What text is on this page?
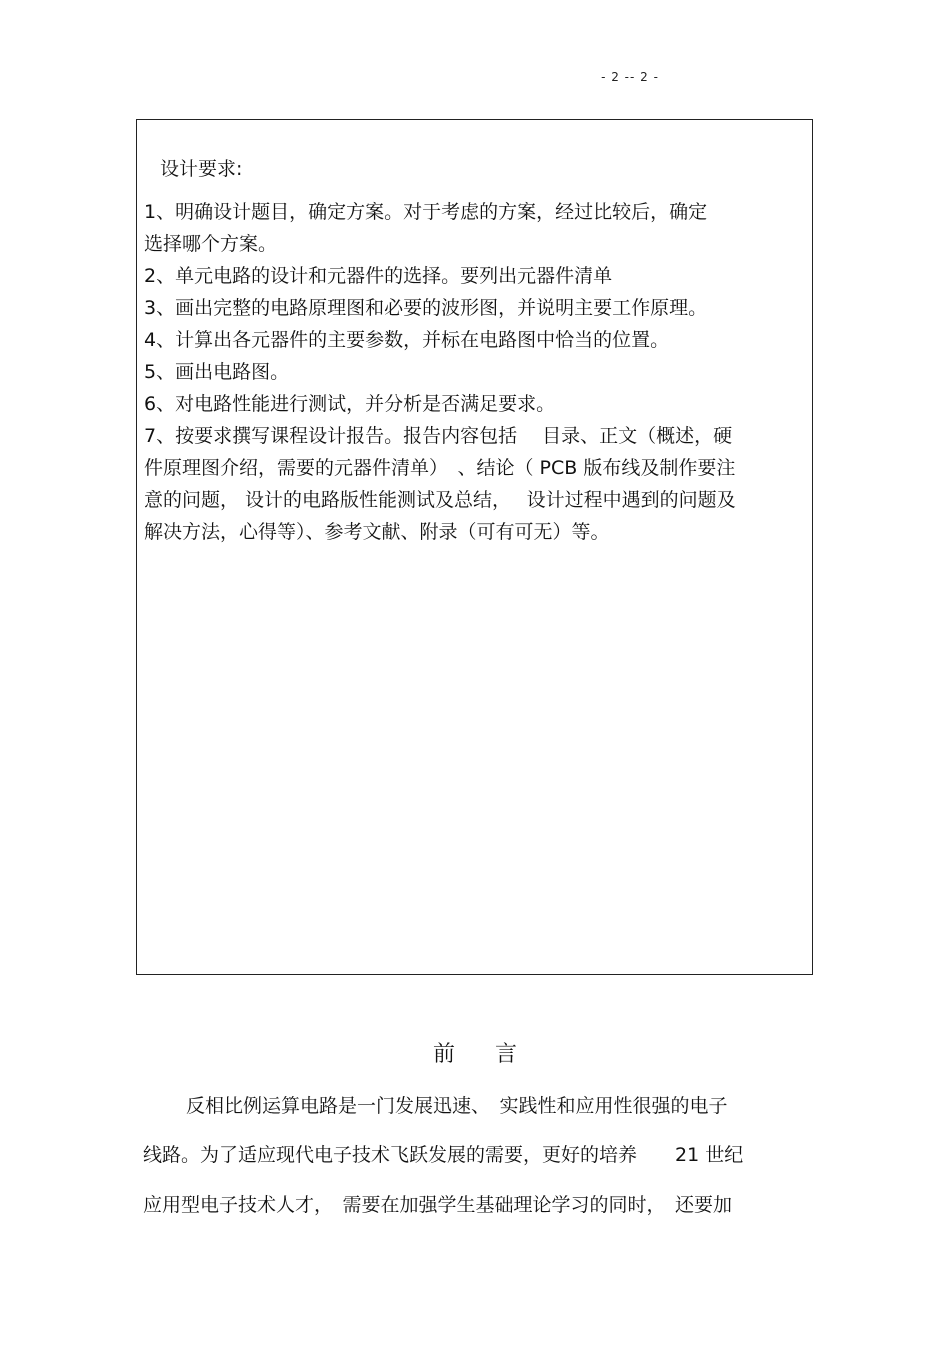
- 2 -- 2 -
设计要求:
1、明确设计题目，确定方案。对于考虑的方案，经过比较后，确定
选择哪个方案。
2、单元电路的设计和元器件的选择。要列出元器件清单
3、画出完整的电路原理图和必要的波形图，并说明主要工作原理。
4、计算出各元器件的主要参数，并标在电路图中恰当的位置。
5、画出电路图。
6、对电路性能进行测试，并分析是否满足要求。
7、按要求撰写课程设计报告。报告内容包括　 目录、正文（概述，硬
件原理图介绍，需要的元器件清单）　、结论（ PCB 版布线及制作要注
意的问题， 设计的电路版性能测试及总结，　 设计过程中遇到的问题及
解决方法，心得等）、参考文献、附录（可有可无）等。
前言
反相比例运算电路是一门发展迅速、　实践性和应用性很强的电子
线路。为了适应现代电子技术飞跃发展的需要，更好的培养　　21 世纪
应用型电子技术人才，　需要在加强学生基础理论学习的同时，　还要加
